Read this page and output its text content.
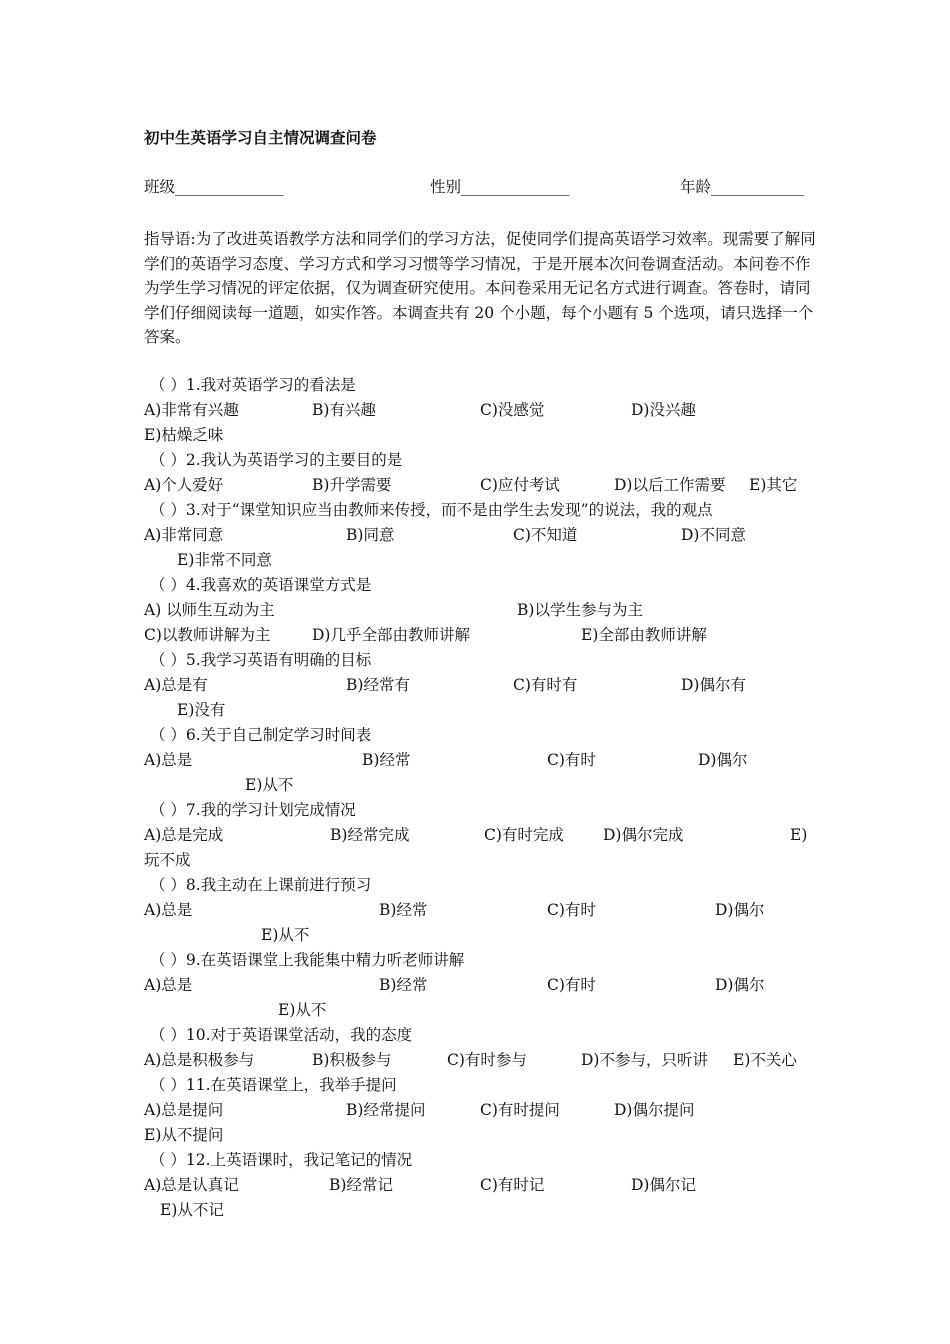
初中生英语学习自主情况调查问卷
班级______________	性别______________	年龄____________
指导语:为了改进英语教学方法和同学们的学习方法，促使同学们提高英语学习效率。现需要了解同学们的英语学习态度、学习方式和学习习惯等学习情况，于是开展本次问卷调查活动。本问卷不作为学生学习情况的评定依据，仅为调查研究使用。本问卷采用无记名方式进行调查。答卷时，请同学们仔细阅读每一道题，如实作答。本调查共有 20 个小题，每个小题有 5 个选项，请只选择一个答案。
（ ）1.我对英语学习的看法是
A)非常有兴趣	B)有兴趣	C)没感觉	D)没兴趣
E)枯燥乏味
（ ）2.我认为英语学习的主要目的是
A)个人爱好	B)升学需要	C)应付考试	D)以后工作需要 E)其它
（ ）3.对于“课堂知识应当由教师来传授，而不是由学生去发现”的说法，我的观点
A)非常同意	B)同意	C)不知道	D)不同意
E)非常不同意
（ ）4.我喜欢的英语课堂方式是
A) 以师生互动为主	B)以学生参与为主
C)以教师讲解为主	D)几乎全部由教师讲解	E)全部由教师讲解
（ ）5.我学习英语有明确的目标
A)总是有	B)经常有	C)有时有	D)偶尔有
E)没有
（ ）6.关于自己制定学习时间表
A)总是	B)经常	C)有时	D)偶尔
E)从不
（ ）7.我的学习计划完成情况
A)总是完成	B)经常完成	C)有时完成	D)偶尔完成	E)
玩不成
（ ）8.我主动在上课前进行预习
A)总是	B)经常	C)有时	D)偶尔
E)从不
（ ）9.在英语课堂上我能集中精力听老师讲解
A)总是	B)经常	C)有时	D)偶尔
E)从不
（ ）10.对于英语课堂活动，我的态度
A)总是积极参与	B)积极参与	C)有时参与	D)不参与，只听讲 E)不关心
（ ）11.在英语课堂上，我举手提问
A)总是提问	B)经常提问	C)有时提问	D)偶尔提问
E)从不提问
（ ）12.上英语课时，我记笔记的情况
A)总是认真记	B)经常记	C)有时记	D)偶尔记
E)从不记
